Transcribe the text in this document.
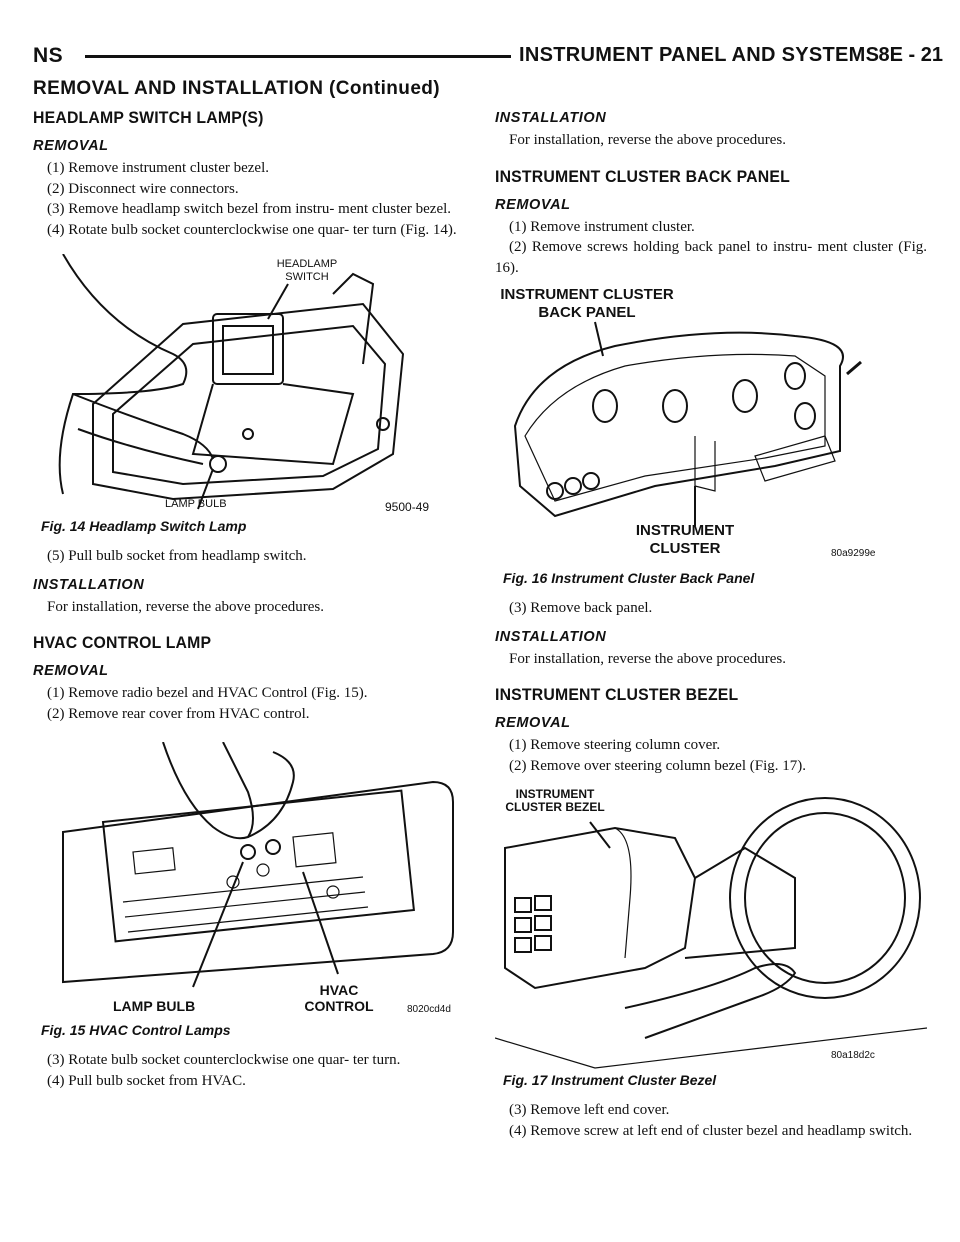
NS	INSTRUMENT PANEL AND SYSTEMS 8E - 21
REMOVAL AND INSTALLATION (Continued)
HEADLAMP SWITCH LAMP(S)
REMOVAL

(1) Remove instrument cluster bezel.

(2) Disconnect wire connectors.

(3) Remove headlamp switch bezel from instru- ment cluster bezel.

(4) Rotate bulb socket counterclockwise one quar- ter turn (Fig. 14).

HEADLAMP SWITCH
LAMP BULB	9500-49
Fig. 14 Headlamp Switch Lamp

(5) Pull bulb socket from headlamp switch.

INSTALLATION

For installation, reverse the above procedures.

HVAC CONTROL LAMP
REMOVAL

(1) Remove radio bezel and HVAC Control (Fig. 15).

(2) Remove rear cover from HVAC control.

LAMP BULB
HVAC CONTROL	8020cd4d
Fig. 15 HVAC Control Lamps

(3) Rotate bulb socket counterclockwise one quar- ter turn.

(4) Pull bulb socket from HVAC.

INSTALLATION

For installation, reverse the above procedures.

INSTRUMENT CLUSTER BACK PANEL
REMOVAL

(1) Remove instrument cluster.

(2) Remove screws holding back panel to instru- ment cluster (Fig. 16).

INSTRUMENT CLUSTER BACK PANEL
INSTRUMENT CLUSTER	80a9299e
Fig. 16 Instrument Cluster Back Panel

(3) Remove back panel.

INSTALLATION

For installation, reverse the above procedures.

INSTRUMENT CLUSTER BEZEL
REMOVAL

(1) Remove steering column cover.

(2) Remove over steering column bezel (Fig. 17).

INSTRUMENT CLUSTER BEZEL
80a18d2c
Fig. 17 Instrument Cluster Bezel

(3) Remove left end cover.

(4) Remove screw at left end of cluster bezel and headlamp switch.
